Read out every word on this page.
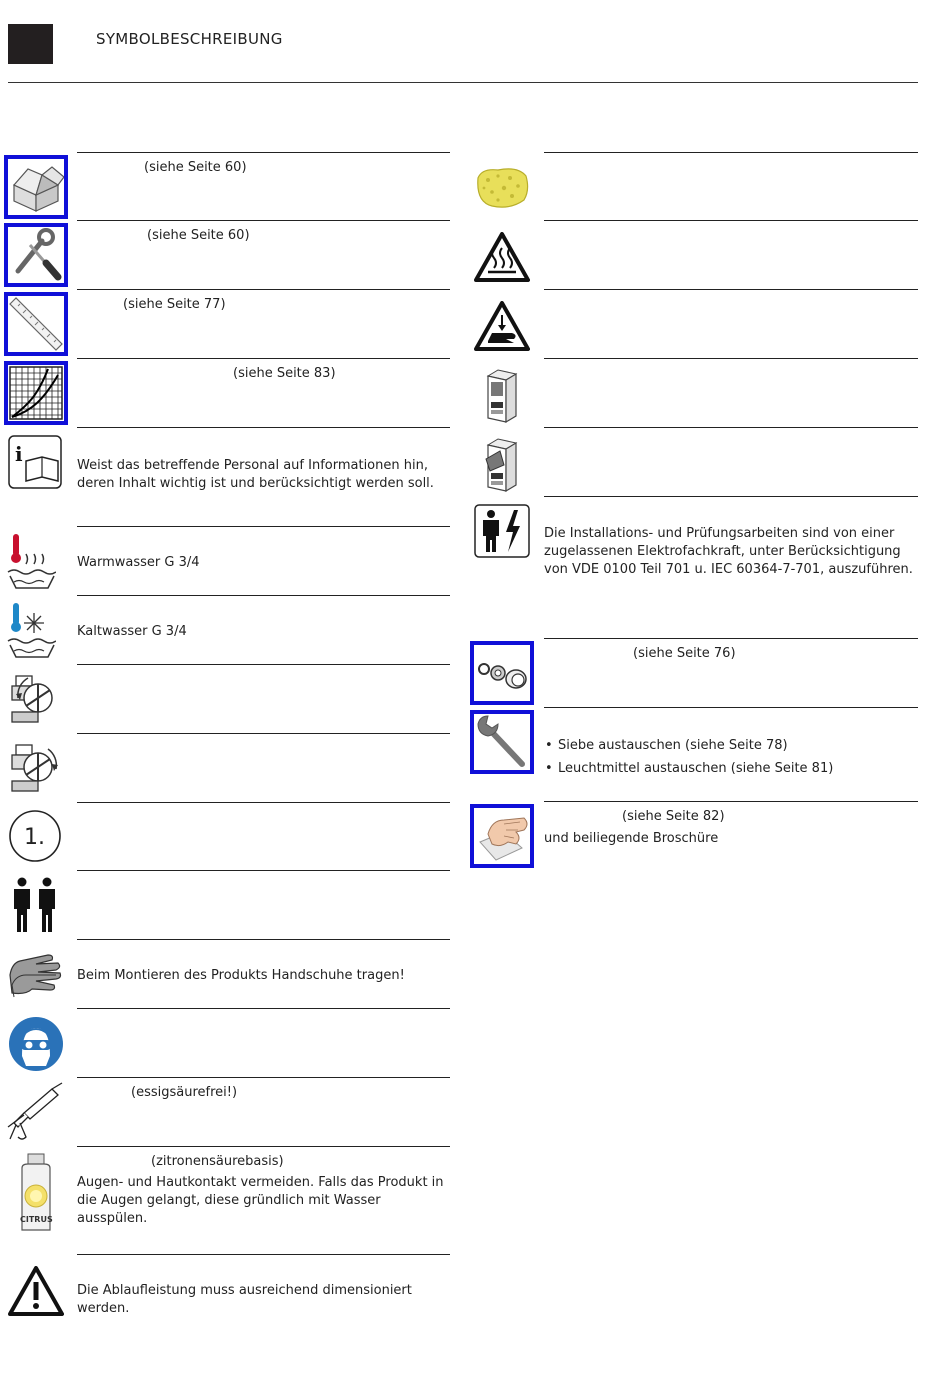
SYMBOLBESCHREIBUNG
(siehe Seite 60)
(siehe Seite 60)
(siehe Seite 77)
(siehe Seite 83)
i	Weist das betreffende Personal auf Informationen hin, deren Inhalt wichtig ist und berücksichtigt werden soll.
Warmwasser G 3/4
Kaltwasser G 3/4
1.
Beim Montieren des Produkts Handschuhe tragen!
(essigsäurefrei!)
CITRUS
(zitronensäurebasis)
Augen- und Hautkontakt vermeiden. Falls das Produkt in die Augen gelangt, diese gründlich mit Wasser ausspülen.
Die Ablaufleistung muss ausreichend dimensioniert werden.
Die Installations- und Prüfungsarbeiten sind von einer zugelassenen Elektrofachkraft, unter Berücksichtigung von VDE 0100 Teil 701 u. IEC 60364-7-701, auszuführen.
(siehe Seite 76)
• Siebe austauschen (siehe Seite 78)
• Leuchtmittel austauschen (siehe Seite 81)
(siehe Seite 82)
und beiliegende Broschüre
